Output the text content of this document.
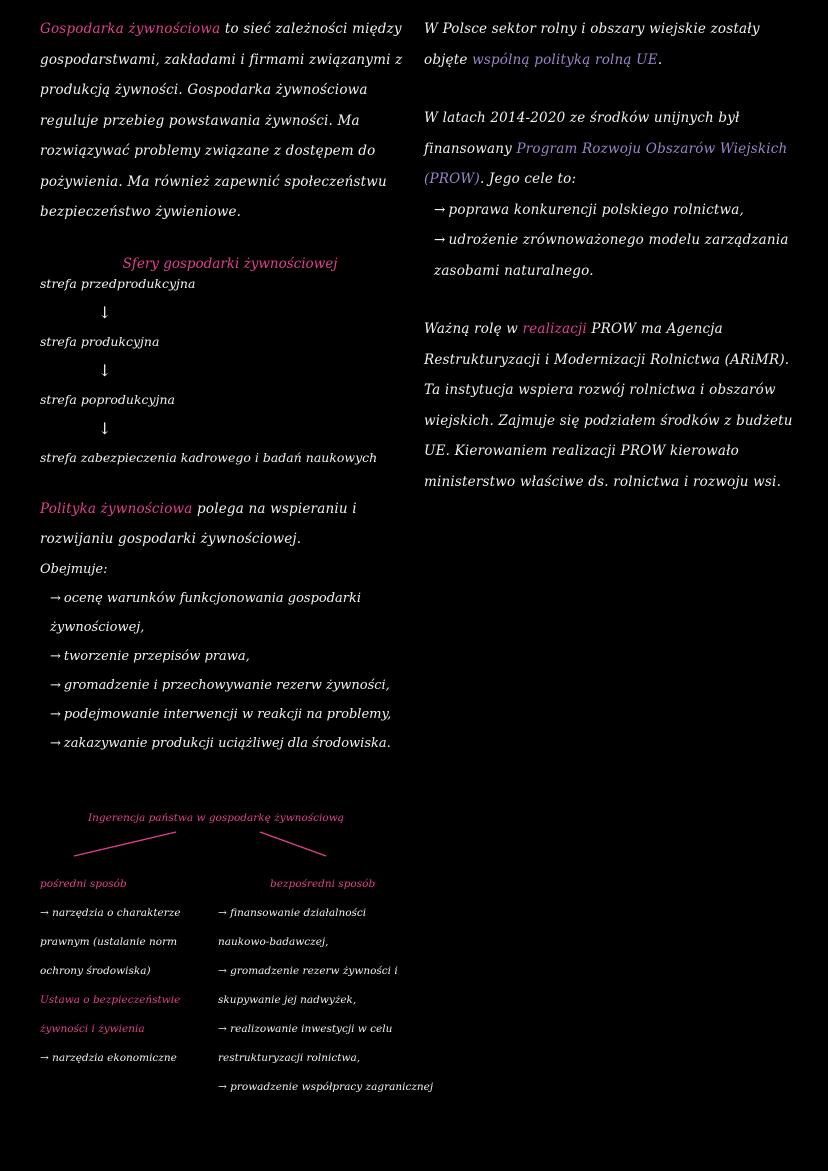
Gospodarka żywnościowa to sieć zależności między gospodarstwami, zakładami i firmami związanymi z produkcją żywności. Gospodarka żywnościowa reguluje przebieg powstawania żywności. Ma rozwiązywać problemy związane z dostępem do pożywienia. Ma również zapewnić społeczeństwu bezpieczeństwo żywieniowe.
Sfery gospodarki żywnościowej
strefa przedprodukcyjna
↓
strefa produkcyjna
↓
strefa poprodukcyjna
↓
strefa zabezpieczenia kadrowego i badań naukowych
Polityka żywnościowa polega na wspieraniu i rozwijaniu gospodarki żywnościowej.
Obejmuje:
→ ocenę warunków funkcjonowania gospodarki żywnościowej,
→ tworzenie przepisów prawa,
→ gromadzenie i przechowywanie rezerw żywności,
→ podejmowanie interwencji w reakcji na problemy,
→ zakazywanie produkcji uciążliwej dla środowiska.
Ingerencja państwa w gospodarkę żywnościową
pośredni sposób
→ narzędzia o charakterze
prawnym (ustalanie norm
ochrony środowiska)
Ustawa o bezpieczeństwie
żywności i żywienia
→ narzędzia ekonomiczne
bezpośredni sposób
→ finansowanie działalności
naukowo-badawczej,
→ gromadzenie rezerw żywności i
skupywanie jej nadwyżek,
→ realizowanie inwestycji w celu
restrukturyzacji rolnictwa,
→ prowadzenie współpracy zagranicznej
W Polsce sektor rolny i obszary wiejskie zostały objęte wspólną polityką rolną UE.
W latach 2014-2020 ze środków unijnych był finansowany Program Rozwoju Obszarów Wiejskich (PROW). Jego cele to:
→ poprawa konkurencji polskiego rolnictwa,
→ udrożenie zrównoważonego modelu zarządzania zasobami naturalnego.
Ważną rolę w realizacji PROW ma Agencja Restrukturyzacji i Modernizacji Rolnictwa (ARiMR). Ta instytucja wspiera rozwój rolnictwa i obszarów wiejskich. Zajmuje się podziałem środków z budżetu UE. Kierowaniem realizacji PROW kierowało ministerstwo właściwe ds. rolnictwa i rozwoju wsi.
